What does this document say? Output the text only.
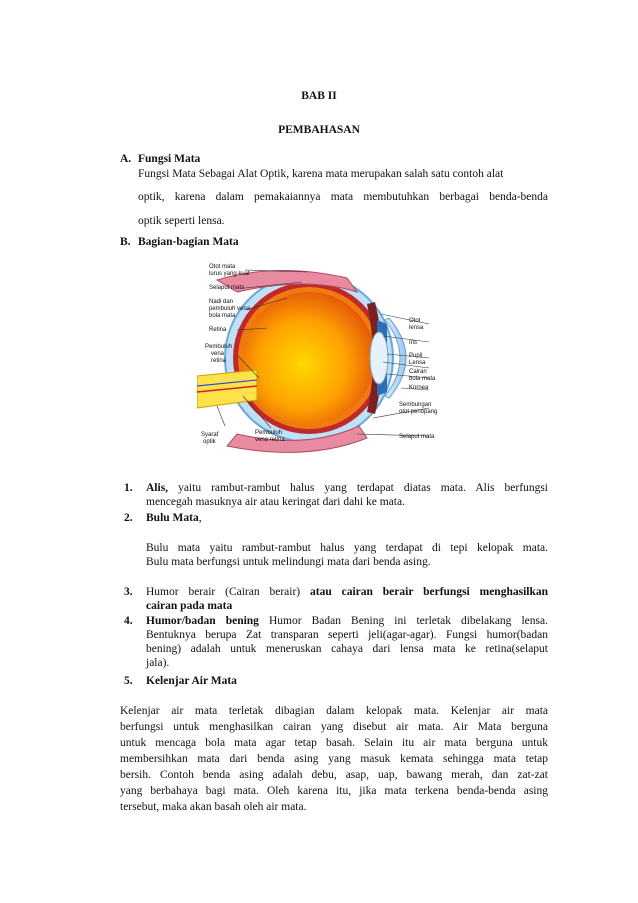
BAB II
PEMBAHASAN
A. Fungsi Mata
Fungsi Mata Sebagai Alat Optik, karena mata merupakan salah satu contoh alat
optik, karena dalam pemakaiannya mata membutuhkan berbagai benda-benda
optik seperti lensa.
B. Bagian-bagian Mata
Otot mata
lurus yang kuat
Selaput mata
Nadi dan
pembuluh vena
bola mata
Retina
Pembuluh
vena
retina
Syaraf
optik
Pembuluh
vena retina
Otot
lensa
Iris
Pupil
Lensa
Cairan
bola mata
Kornea
Sembungan
otot penopang
Selaput mata
1. Alis, yaitu rambut-rambut halus yang terdapat diatas mata. Alis berfungsi
mencegah masuknya air atau keringat dari dahi ke mata.
2. Bulu Mata,
Bulu mata yaitu rambut-rambut halus yang terdapat di tepi kelopak mata.
Bulu mata berfungsi untuk melindungi mata dari benda asing.
3. Humor berair (Cairan berair) atau cairan berair berfungsi menghasilkan
cairan pada mata
4. Humor/badan bening Humor Badan Bening ini terletak dibelakang lensa.
Bentuknya berupa Zat transparan seperti jeli(agar-agar). Fungsi humor(badan
bening) adalah untuk meneruskan cahaya dari lensa mata ke retina(selaput
jala).
5. Kelenjar Air Mata
Kelenjar air mata terletak dibagian dalam kelopak mata. Kelenjar air mata
berfungsi untuk menghasilkan cairan yang disebut air mata. Air Mata berguna
untuk mencaga bola mata agar tetap basah. Selain itu air mata berguna untuk
membersihkan mata dari benda asing yang masuk kemata sehingga mata tetap
bersih. Contoh benda asing adalah debu, asap, uap, bawang merah, dan zat-zat
yang berbahaya bagi mata. Oleh karena itu, jika mata terkena benda-benda asing
tersebut, maka akan basah oleh air mata.
